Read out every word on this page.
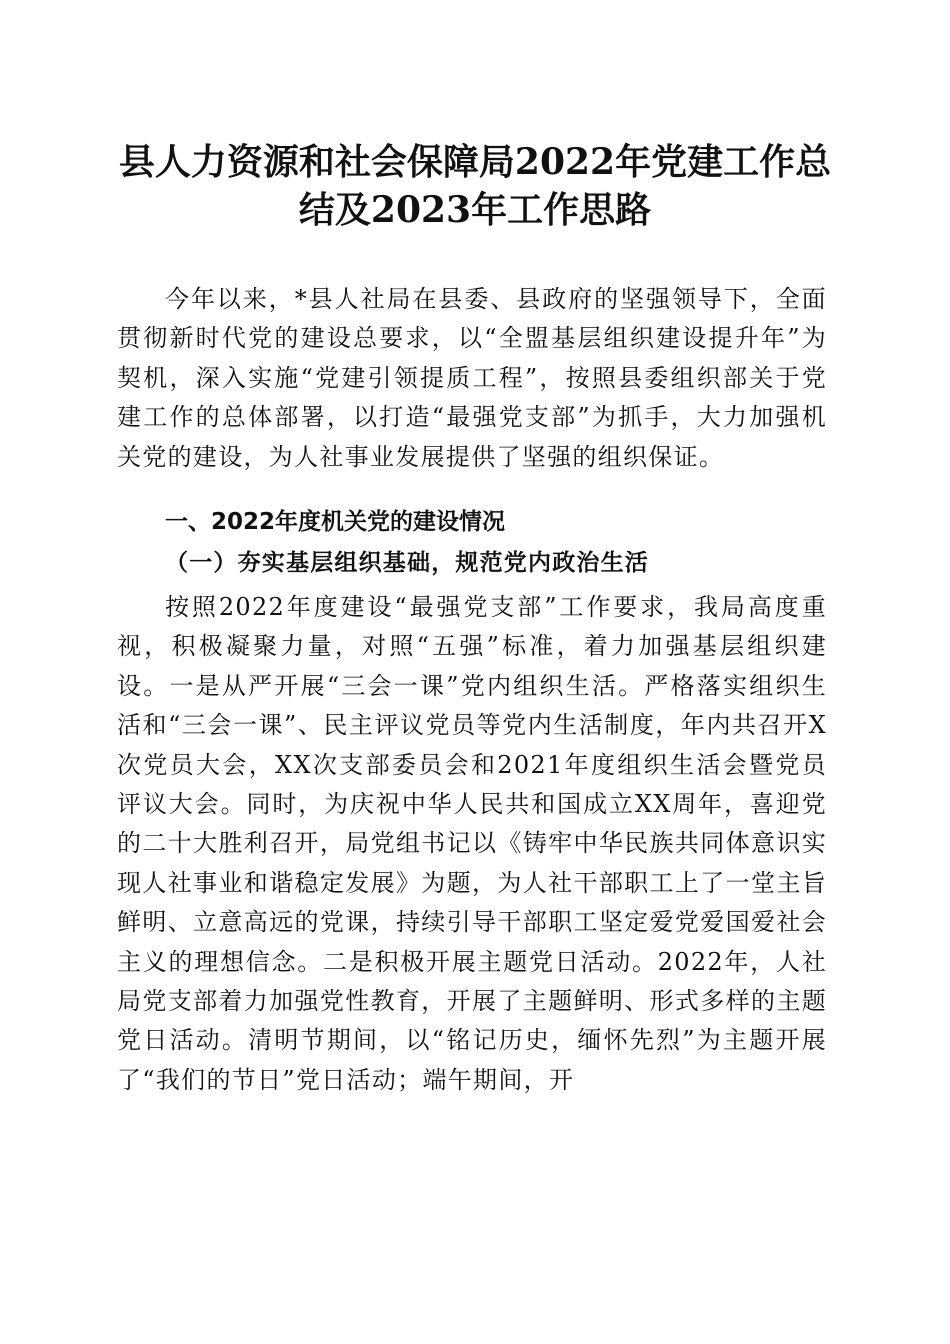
县人力资源和社会保障局2022年党建工作总
结及2023年工作思路

今年以来，*县人社局在县委、县政府的坚强领导下，全面贯彻新时代党的建设总要求，以“全盟基层组织建设提升年”为契机，深入实施“党建引领提质工程”，按照县委组织部关于党建工作的总体部署，以打造“最强党支部”为抓手，大力加强机关党的建设，为人社事业发展提供了坚强的组织保证。

一、2022年度机关党的建设情况
（一）夯实基层组织基础，规范党内政治生活

按照2022年度建设“最强党支部”工作要求，我局高度重视，积极凝聚力量，对照“五强”标准，着力加强基层组织建设。一是从严开展“三会一课”党内组织生活。严格落实组织生活和“三会一课”、民主评议党员等党内生活制度，年内共召开X次党员大会，XX次支部委员会和2021年度组织生活会暨党员评议大会。同时，为庆祝中华人民共和国成立XX周年，喜迎党的二十大胜利召开，局党组书记以《铸牢中华民族共同体意识实现人社事业和谐稳定发展》为题，为人社干部职工上了一堂主旨鲜明、立意高远的党课，持续引导干部职工坚定爱党爱国爱社会主义的理想信念。二是积极开展主题党日活动。2022年，人社局党支部着力加强党性教育，开展了主题鲜明、形式多样的主题党日活动。清明节期间，以“铭记历史，缅怀先烈”为主题开展了“我们的节日”党日活动；端午期间，开
